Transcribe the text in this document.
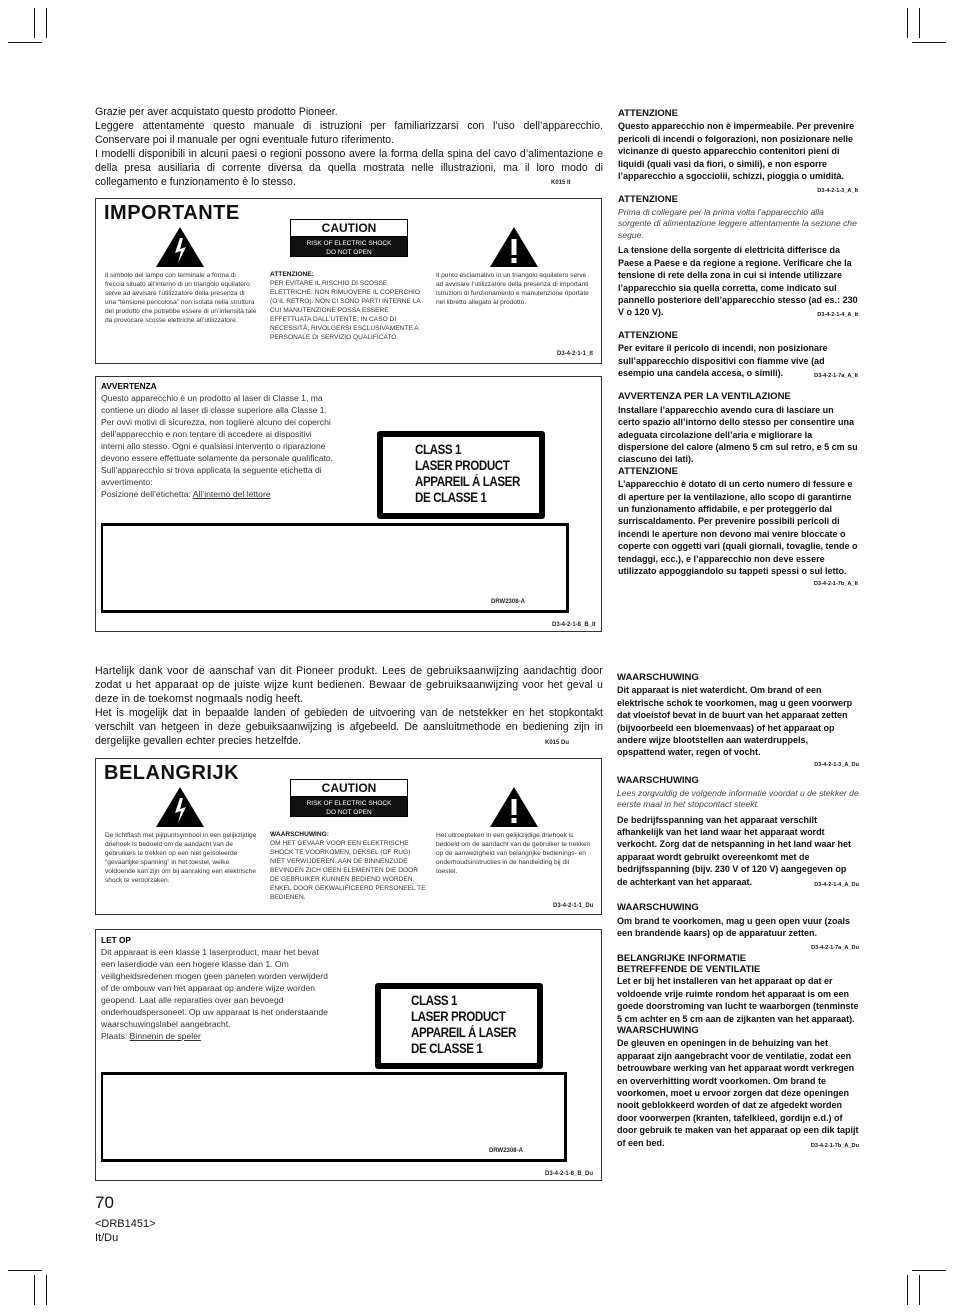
Grazie per aver acquistato questo prodotto Pioneer.

Leggere attentamente questo manuale di istruzioni per familiarizzarsi con l’uso dell’apparecchio. Conservare poi il manuale per ogni eventuale futuro riferimento.

I modelli disponibili in alcuni paesi o regioni possono avere la forma della spina del cavo d’alimentazione e della presa ausiliaria di corrente diversa da quella mostrata nelle illustrazioni, ma il loro modo di collegamento e funzionamento è lo stesso.	K015 It
IMPORTANTE
CAUTION
RISK OF ELECTRIC SHOCK
DO NOT OPEN
Il simbolo del lampo con terminale a forma di freccia situato all’interno di un triangolo equilatero serve ad avvisare l’utilizzatore della presenza di una “tensione pericolosa” non isolata nella struttura del prodotto che potrebbe essere di un’intensità tale da provocare scosse elettriche all’utilizzatore.
ATTENZIONE:
PER EVITARE IL RISCHIO DI SCOSSE ELETTRICHE, NON RIMUOVERE IL COPERCHIO (O IL RETRO). NON CI SONO PARTI INTERNE LA CUI MANUTENZIONE POSSA ESSERE EFFETTUATA DALL’UTENTE. IN CASO DI NECESSITÀ, RIVOLGERSI ESCLUSIVAMENTE A PERSONALE DI SERVIZIO QUALIFICATO.
Il punto esclamativo in un triangolo equilatero serve ad avvisare l’utilizzatore della presenza di importanti istruzioni di funzionamento e manutenzione riportate nel libretto allegato al prodotto.
D3-4-2-1-1_It
AVVERTENZA
Questo apparecchio è un prodotto al laser di Classe 1, ma contiene un diodo al laser di classe superiore alla Classe 1. Per ovvi motivi di sicurezza, non togliere alcuno dei coperchi dell’apparecchio e non tentare di accedere ai dispositivi interni allo stesso. Ogni e qualsiasi intervento o riparazione devono essere effettuate solamente da personale qualificato. Sull’apparecchio si trova applicata la seguente etichetta di avvertimento:
Posizione dell’etichetta: All’interno del lettore
CLASS 1
LASER PRODUCT
APPAREIL Á LASER
DE CLASSE 1
DRW2308-A
D3-4-2-1-8_B_It
ATTENZIONE
Questo apparecchio non è impermeabile. Per prevenire pericoli di incendi o folgorazioni, non posizionare nelle vicinanze di questo apparecchio contenitori pieni di liquidi (quali vasi da fiori, o simili), e non esporre l’apparecchio a sgocciolii, schizzi, pioggia o umidità.
D3-4-2-1-3_A_It
ATTENZIONE
Prima di collegare per la prima volta l’apparecchio alla sorgente di alimentazione leggere attentamente la sezione che segue.
La tensione della sorgente di elettricità differisce da Paese a Paese e da regione a regione. Verificare che la tensione di rete della zona in cui si intende utilizzare l’apparecchio sia quella corretta, come indicato sul pannello posteriore dell’apparecchio stesso (ad es.: 230 V o 120 V).	D3-4-2-1-4_A_It
ATTENZIONE
Per evitare il pericolo di incendi, non posizionare sull’apparecchio dispositivi con fiamme vive (ad esempio una candela accesa, o simili).	D3-4-2-1-7a_A_It
AVVERTENZA PER LA VENTILAZIONE
Installare l’apparecchio avendo cura di lasciare un certo spazio all’intorno dello stesso per consentire una adeguata circolazione dell’aria e migliorare la dispersione del calore (almeno 5 cm sul retro, e 5 cm su ciascuno dei lati).
ATTENZIONE
L’apparecchio è dotato di un certo numero di fessure e di aperture per la ventilazione, allo scopo di garantirne un funzionamento affidabile, e per proteggerlo dal surriscaldamento. Per prevenire possibili pericoli di incendi le aperture non devono mai venire bloccate o coperte con oggetti vari (quali giornali, tovaglie, tende o tendaggi, ecc.), e l’apparecchio non deve essere utilizzato appoggiandolo su tappeti spessi o sul letto.
D3-4-2-1-7b_A_It

Hartelijk dank voor de aanschaf van dit Pioneer produkt. Lees de gebruiksaanwijzing aandachtig door zodat u het apparaat op de juiste wijze kunt bedienen. Bewaar de gebruiksaanwijzing voor het geval u deze in de toekomst nogmaals nodig heeft.

Het is mogelijk dat in bepaalde landen of gebieden de uitvoering van de netstekker en het stopkontakt verschilt van hetgeen in deze gebuiksaanwijzing is afgebeeld. De aansluitmethode en bediening zijn in dergelijke gevallen echter precies hetzelfde.	K015 Du
BELANGRIJK
CAUTION
RISK OF ELECTRIC SHOCK
DO NOT OPEN
De lichtflash met pijlpuntsymbool in een gelijkzijdige driehoek is bedoeld om de aandacht van de gebruikers te trekken op een niet geïsoleerde “gevaarlijke spanning” in het toestel, welke voldoende kan zijn om bij aanraking een elektrische shock te veroorzaken.
WAARSCHUWING:
OM HET GEVAAR VOOR EEN ELEKTRISCHE SHOCK TE VOORKOMEN, DEKSEL (OF RUG) NIET VERWIJDEREN. AAN DE BINNENZIJDE BEVINDEN ZICH GEEN ELEMENTEN DIE DOOR DE GEBRUIKER KUNNEN BEDIEND WORDEN. ENKEL DOOR GEKWALIFICEERD PERSONEEL TE BEDIENEN.
Het uitroepteken in een gelijkzijdige driehoek is bedoeld om de aandacht van de gebruiker te trekken op de aanwezigheid van belangrijke bedienings- en onderhoudsinstructies in de handleiding bij dit toestel.
D3-4-2-1-1_Du
LET OP
Dit apparaat is een klasse 1 laserproduct, maar het bevat een laserdiode van een hogere klasse dan 1. Om veiligheidsredenen mogen geen panelen worden verwijderd of de ombouw van het apparaat op andere wijze worden geopend. Laat alle reparaties over aan bevoegd onderhoudspersoneel. Op uw apparaat is het onderstaande waarschuwingslabel aangebracht.
Plaats: Binnenin de speler
CLASS 1
LASER PRODUCT
APPAREIL Á LASER
DE CLASSE 1
DRW2308-A
D3-4-2-1-8_B_Du
WAARSCHUWING
Dit apparaat is niet waterdicht. Om brand of een elektrische schok te voorkomen, mag u geen voorwerp dat vloeistof bevat in de buurt van het apparaat zetten (bijvoorbeeld een bloemenvaas) of het apparaat op andere wijze blootstellen aan waterdruppels, opspattend water, regen of vocht.
D3-4-2-1-3_A_Du
WAARSCHUWING
Lees zorgvuldig de volgende informatie voordat u de stekker de eerste maal in het stopcontact steekt.
De bedrijfsspanning van het apparaat verschilt afhankelijk van het land waar het apparaat wordt verkocht. Zorg dat de netspanning in het land waar het apparaat wordt gebruikt overeenkomt met de bedrijfsspanning (bijv. 230 V of 120 V) aangegeven op de achterkant van het apparaat.	D3-4-2-1-4_A_Du
WAARSCHUWING
Om brand te voorkomen, mag u geen open vuur (zoals een brandende kaars) op de apparatuur zetten.
D3-4-2-1-7a_A_Du
BELANGRIJKE INFORMATIE BETREFFENDE DE VENTILATIE
Let er bij het installeren van het apparaat op dat er voldoende vrije ruimte rondom het apparaat is om een goede doorstroming van lucht te waarborgen (tenminste 5 cm achter en 5 cm aan de zijkanten van het apparaat).
WAARSCHUWING
De gleuven en openingen in de behuizing van het apparaat zijn aangebracht voor de ventilatie, zodat een betrouwbare werking van het apparaat wordt verkregen en oververhitting wordt voorkomen. Om brand te voorkomen, moet u ervoor zorgen dat deze openingen nooit geblokkeerd worden of dat ze afgedekt worden door voorwerpen (kranten, tafelkleed, gordijn e.d.) of door gebruik te maken van het apparaat op een dik tapijt of een bed.	D3-4-2-1-7b_A_Du
70
<DRB1451>
It/Du
